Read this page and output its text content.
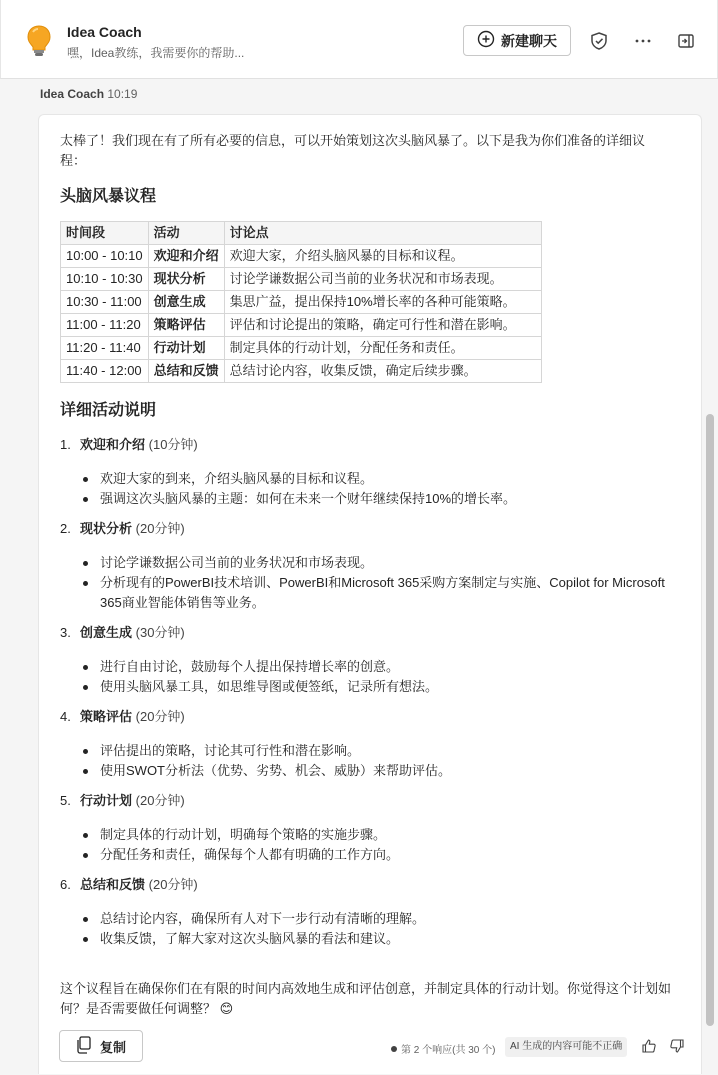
Idea Coach
嘿，Idea教练，我需要你的帮助...
新建聊天
Idea Coach 10:19

太棒了！我们现在有了所有必要的信息，可以开始策划这次头脑风暴了。以下是我为你们准备的详细议程：

头脑风暴议程
时间段	活动	讨论点
10:00 - 10:10	欢迎和介绍	欢迎大家，介绍头脑风暴的目标和议程。
10:10 - 10:30	现状分析	讨论学谦数据公司当前的业务状况和市场表现。
10:30 - 11:00	创意生成	集思广益，提出保持10%增长率的各种可能策略。
11:00 - 11:20	策略评估	评估和讨论提出的策略，确定可行性和潜在影响。
11:20 - 11:40	行动计划	制定具体的行动计划，分配任务和责任。
11:40 - 12:00	总结和反馈	总结讨论内容，收集反馈，确定后续步骤。
详细活动说明
1. 欢迎和介绍 (10分钟)
欢迎大家的到来，介绍头脑风暴的目标和议程。
强调这次头脑风暴的主题：如何在未来一个财年继续保持10%的增长率。
2. 现状分析 (20分钟)
讨论学谦数据公司当前的业务状况和市场表现。
分析现有的PowerBI技术培训、PowerBI和Microsoft 365采购方案制定与实施、Copilot for Microsoft 365商业智能体销售等业务。
3. 创意生成 (30分钟)
进行自由讨论，鼓励每个人提出保持增长率的创意。
使用头脑风暴工具，如思维导图或便签纸，记录所有想法。
4. 策略评估 (20分钟)
评估提出的策略，讨论其可行性和潜在影响。
使用SWOT分析法（优势、劣势、机会、威胁）来帮助评估。
5. 行动计划 (20分钟)
制定具体的行动计划，明确每个策略的实施步骤。
分配任务和责任，确保每个人都有明确的工作方向。
6. 总结和反馈 (20分钟)
总结讨论内容，确保所有人对下一步行动有清晰的理解。
收集反馈，了解大家对这次头脑风暴的看法和建议。
这个议程旨在确保你们在有限的时间内高效地生成和评估创意，并制定具体的行动计划。你觉得这个计划如何？是否需要做任何调整？ 😊
复制	第 2 个响应(共 30 个)	AI 生成的内容可能不正确
